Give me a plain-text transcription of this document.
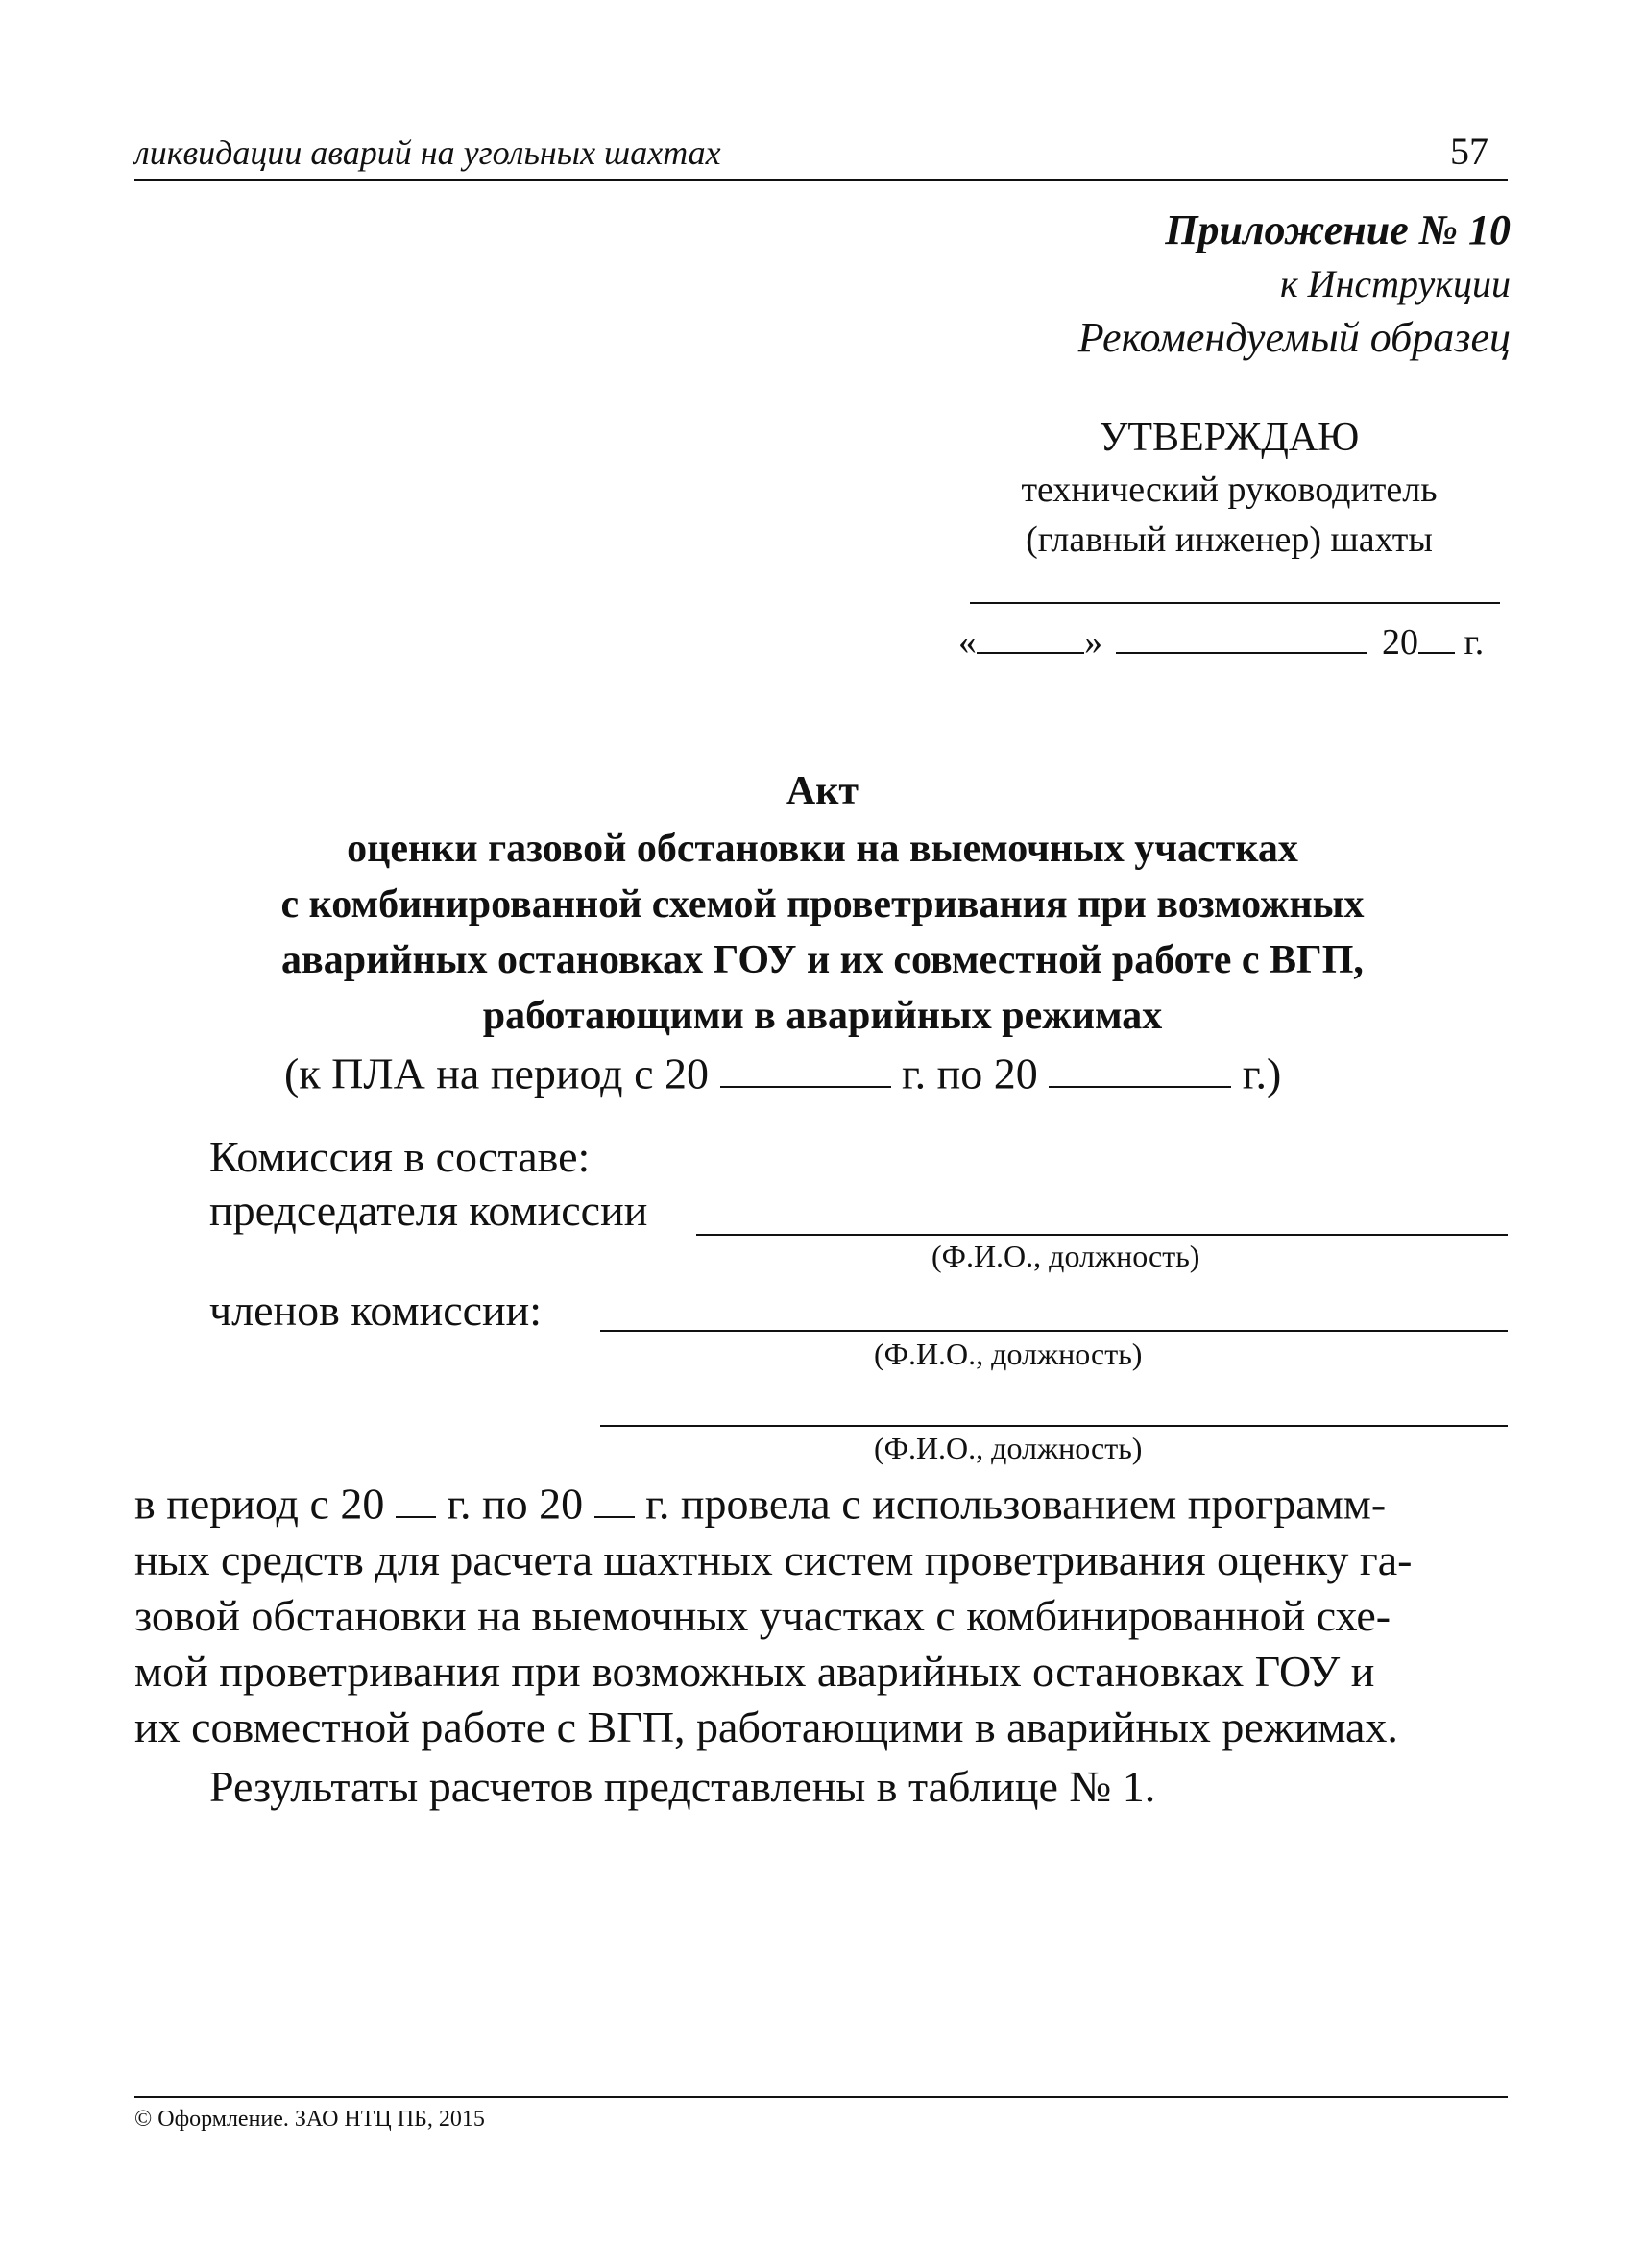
ликвидации аварий на угольных шахтах	57
Приложение № 10
к Инструкции
Рекомендуемый образец
УТВЕРЖДАЮ
технический руководитель
(главный инженер) шахты
«	»	20 г.
Акт
оценки газовой обстановки на выемочных участках
с комбинированной схемой проветривания при возможных
аварийных остановках ГОУ и их совместной работе с ВГП,
работающими в аварийных режимах
(к ПЛА на период с 20	г. по 20	г.)
Комиссия в составе:
председателя комиссии
(Ф.И.О., должность)
членов комиссии:
(Ф.И.О., должность)
(Ф.И.О., должность)
в период с 20 г. по 20 г. провела с использованием программ-
ных средств для расчета шахтных систем проветривания оценку га-
зовой обстановки на выемочных участках с комбинированной схе-
мой проветривания при возможных аварийных остановках ГОУ и
их совместной работе с ВГП, работающими в аварийных режимах.
Результаты расчетов представлены в таблице № 1.
© Оформление. ЗАО НТЦ ПБ, 2015
